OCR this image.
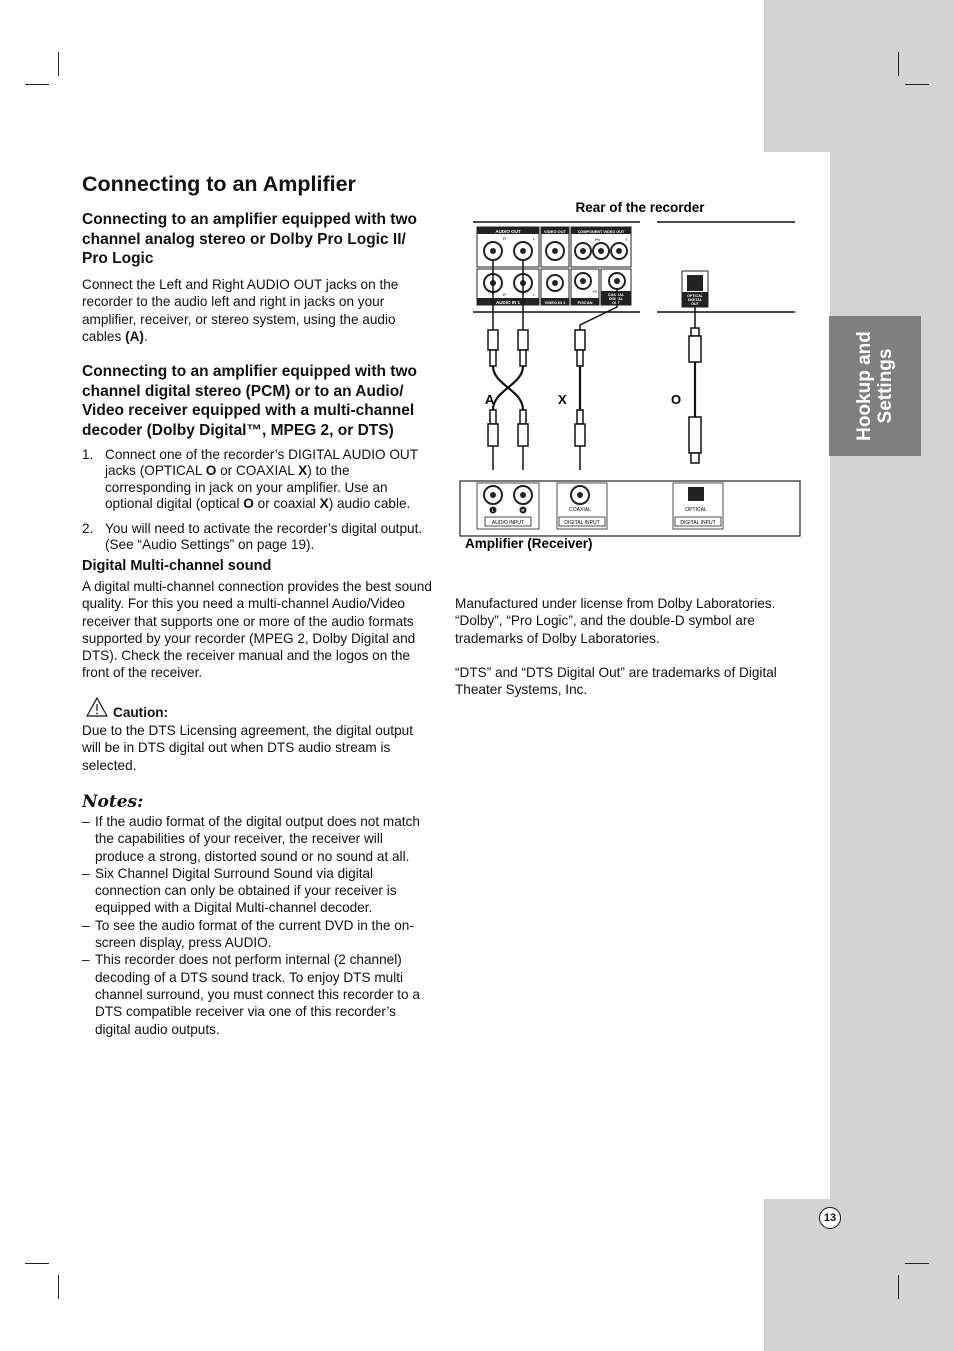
Hookup and Settings
Connecting to an Amplifier
Connecting to an amplifier equipped with two channel analog stereo or Dolby Pro Logic II/ Pro Logic

Connect the Left and Right AUDIO OUT jacks on the recorder to the audio left and right in jacks on your amplifier, receiver, or stereo system, using the audio cables (A).

Connecting to an amplifier equipped with two channel digital stereo (PCM) or to an Audio/ Video receiver equipped with a multi-channel decoder (Dolby Digital™, MPEG 2, or DTS)
1. Connect one of the recorder’s DIGITAL AUDIO OUT jacks (OPTICAL O or COAXIAL X) to the corresponding in jack on your amplifier. Use an optional digital (optical O or coaxial X) audio cable.
2. You will need to activate the recorder’s digital output. (See “Audio Settings” on page 19).
Digital Multi-channel sound

A digital multi-channel connection provides the best sound quality. For this you need a multi-channel Audio/Video receiver that supports one or more of the audio formats supported by your recorder (MPEG 2, Dolby Digital and DTS). Check the receiver manual and the logos on the front of the receiver.

Caution:

Due to the DTS Licensing agreement, the digital output will be in DTS digital out when DTS audio stream is selected.

Notes:
– If the audio format of the digital output does not match the capabilities of your receiver, the receiver will produce a strong, distorted sound or no sound at all.
– Six Channel Digital Surround Sound via digital connection can only be obtained if your receiver is equipped with a Digital Multi-channel decoder.
– To see the audio format of the current DVD in the on-screen display, press AUDIO.
– This recorder does not perform internal (2 channel) decoding of a DTS sound track. To enjoy DTS multi channel surround, you must connect this recorder to a DTS compatible receiver via one of this recorder’s digital audio outputs.
Rear of the recorder
Amplifier (Receiver)
AUDIO OUT
R	L
VIDEO OUT	COMPONENT VIDEO OUT
Pb	Y
AUDIO IN 1
R	L
VIDEO IN 1	P/SCAN
Pr
COAXIAL
DIGITAL
OUT
OPTICAL
DIGITAL
OUT
A	X	O
L	R
AUDIO INPUT
COAXIAL
DIGITAL INPUT
OPTICAL
DIGITAL INPUT

Manufactured under license from Dolby Laboratories. “Dolby”, “Pro Logic”, and the double-D symbol are trademarks of Dolby Laboratories.

“DTS” and “DTS Digital Out” are trademarks of Digital Theater Systems, Inc.

13
